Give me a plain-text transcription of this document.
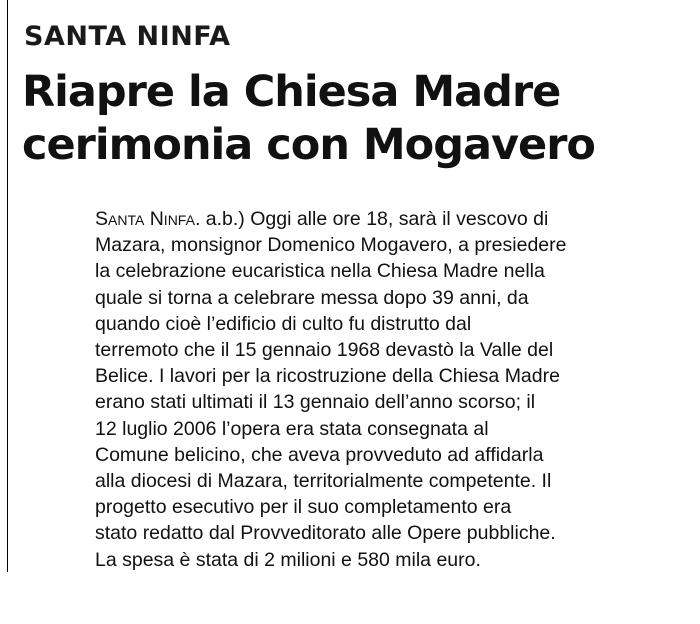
SANTA NINFA
Riapre la Chiesa Madre
cerimonia con Mogavero
Santa Ninfa. a.b.) Oggi alle ore 18, sarà il vescovo di
Mazara, monsignor Domenico Mogavero, a presiedere
la celebrazione eucaristica nella Chiesa Madre nella
quale si torna a celebrare messa dopo 39 anni, da
quando cioè l’edificio di culto fu distrutto dal
terremoto che il 15 gennaio 1968 devastò la Valle del
Belice. I lavori per la ricostruzione della Chiesa Madre
erano stati ultimati il 13 gennaio dell’anno scorso; il
12 luglio 2006 l’opera era stata consegnata al
Comune belicino, che aveva provveduto ad affidarla
alla diocesi di Mazara, territorialmente competente. Il
progetto esecutivo per il suo completamento era
stato redatto dal Provveditorato alle Opere pubbliche.
La spesa è stata di 2 milioni e 580 mila euro.
